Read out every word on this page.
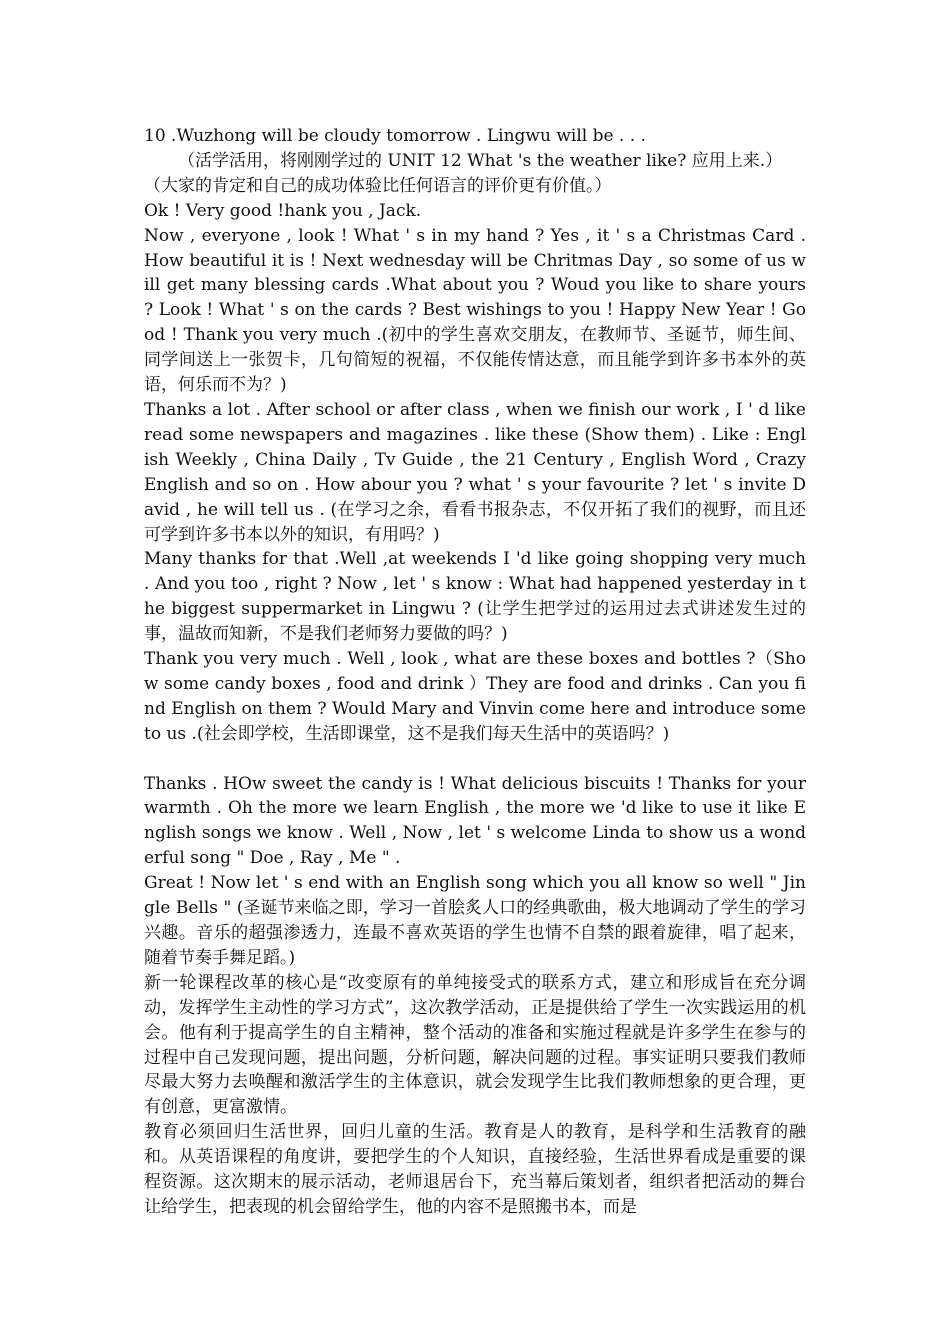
10 .Wuzhong will be cloudy tomorrow . Lingwu will be . . .

（活学活用，将刚刚学过的 UNIT 12 What 's the weather like? 应用上来.）

（大家的肯定和自己的成功体验比任何语言的评价更有价值。）

Ok ! Very good !hank you , Jack.

Now , everyone , look ! What ' s in my hand ? Yes , it ' s a Christmas Card . How beautiful it is ! Next wednesday will be Chritmas Day , so some of us will get many blessing cards .What about you ? Woud you like to share yours ? Look ! What ' s on the cards ? Best wishings to you ! Happy New Year ! Good ! Thank you very much .(初中的学生喜欢交朋友，在教师节、圣诞节，师生间、同学间送上一张贺卡，几句简短的祝福，不仅能传情达意，而且能学到许多书本外的英语，何乐而不为？)

Thanks a lot . After school or after class , when we finish our work , I ' d like read some newspapers and magazines . like these (Show them) . Like : English Weekly , China Daily , Tv Guide , the 21 Century , English Word , Crazy English and so on . How abour you ? what ' s your favourite ? let ' s invite David , he will tell us . (在学习之余，看看书报杂志，不仅开拓了我们的视野，而且还可学到许多书本以外的知识，有用吗？)

Many thanks for that .Well ,at weekends I 'd like going shopping very much . And you too , right ? Now , let ' s know : What had happened yesterday in the biggest suppermarket in Lingwu ? (让学生把学过的运用过去式讲述发生过的事，温故而知新，不是我们老师努力要做的吗？)

Thank you very much . Well , look , what are these boxes and bottles ?（Show some candy boxes , food and drink ）They are food and drinks . Can you find English on them ? Would Mary and Vinvin come here and introduce some to us .(社会即学校，生活即课堂，这不是我们每天生活中的英语吗？)

Thanks . HOw sweet the candy is ! What delicious biscuits ! Thanks for your warmth . Oh the more we learn English , the more we 'd like to use it like English songs we know . Well , Now , let ' s welcome Linda to show us a wonderful song " Doe , Ray , Me " .

Great ! Now let ' s end with an English song which you all know so well " Jingle Bells " (圣诞节来临之即，学习一首脍炙人口的经典歌曲，极大地调动了学生的学习兴趣。音乐的超强渗透力，连最不喜欢英语的学生也情不自禁的跟着旋律，唱了起来，随着节奏手舞足蹈。)

新一轮课程改革的核心是“改变原有的单纯接受式的联系方式，建立和形成旨在充分调动，发挥学生主动性的学习方式”，这次教学活动，正是提供给了学生一次实践运用的机会。他有利于提高学生的自主精神，整个活动的准备和实施过程就是许多学生在参与的过程中自己发现问题，提出问题，分析问题，解决问题的过程。事实证明只要我们教师尽最大努力去唤醒和激活学生的主体意识，就会发现学生比我们教师想象的更合理，更有创意，更富激情。

教育必须回归生活世界，回归儿童的生活。教育是人的教育，是科学和生活教育的融和。从英语课程的角度讲，要把学生的个人知识，直接经验，生活世界看成是重要的课程资源。这次期末的展示活动，老师退居台下，充当幕后策划者，组织者把活动的舞台让给学生，把表现的机会留给学生，他的内容不是照搬书本，而是
